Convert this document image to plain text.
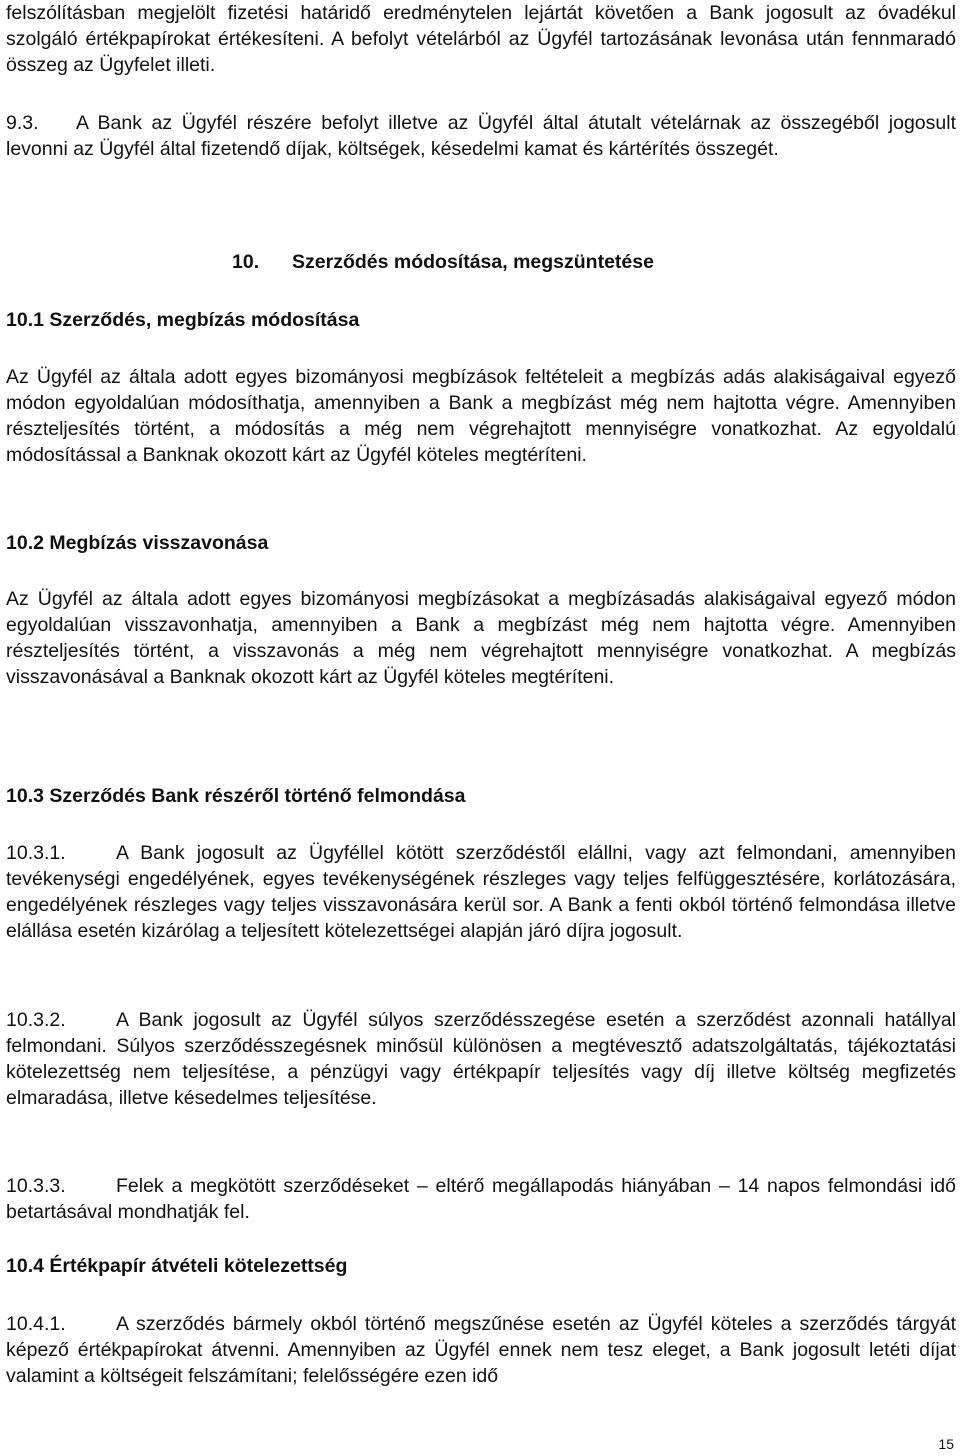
felszólításban megjelölt fizetési határidő eredménytelen lejártát követően a Bank jogosult az óvadékul szolgáló értékpapírokat értékesíteni. A befolyt vételárból az Ügyfél tartozásának levonása után fennmaradó összeg az Ügyfelet illeti.

9.3. A Bank az Ügyfél részére befolyt illetve az Ügyfél által átutalt vételárnak az összegéből jogosult levonni az Ügyfél által fizetendő díjak, költségek, késedelmi kamat és kártérítés összegét.

10. Szerződés módosítása, megszüntetése
10.1 Szerződés, megbízás módosítása

Az Ügyfél az általa adott egyes bizományosi megbízások feltételeit a megbízás adás alakiságaival egyező módon egyoldalúan módosíthatja, amennyiben a Bank a megbízást még nem hajtotta végre. Amennyiben részteljesítés történt, a módosítás a még nem végrehajtott mennyiségre vonatkozhat. Az egyoldalú módosítással a Banknak okozott kárt az Ügyfél köteles megtéríteni.

10.2 Megbízás visszavonása

Az Ügyfél az általa adott egyes bizományosi megbízásokat a megbízásadás alakiságaival egyező módon egyoldalúan visszavonhatja, amennyiben a Bank a megbízást még nem hajtotta végre. Amennyiben részteljesítés történt, a visszavonás a még nem végrehajtott mennyiségre vonatkozhat. A megbízás visszavonásával a Banknak okozott kárt az Ügyfél köteles megtéríteni.

10.3 Szerződés Bank részéről történő felmondása

10.3.1.	A Bank jogosult az Ügyféllel kötött szerződéstől elállni, vagy azt felmondani, amennyiben tevékenységi engedélyének, egyes tevékenységének részleges vagy teljes felfüggesztésére, korlátozására, engedélyének részleges vagy teljes visszavonására kerül sor. A Bank a fenti okból történő felmondása illetve elállása esetén kizárólag a teljesített kötelezettségei alapján járó díjra jogosult.

10.3.2.	A Bank jogosult az Ügyfél súlyos szerződésszegése esetén a szerződést azonnali hatállyal felmondani. Súlyos szerződésszegésnek minősül különösen a megtévesztő adatszolgáltatás, tájékoztatási kötelezettség nem teljesítése, a pénzügyi vagy értékpapír teljesítés vagy díj illetve költség megfizetés elmaradása, illetve késedelmes teljesítése.

10.3.3.	Felek a megkötött szerződéseket – eltérő megállapodás hiányában – 14 napos felmondási idő betartásával mondhatják fel.

10.4 Értékpapír átvételi kötelezettség

10.4.1.	A szerződés bármely okból történő megszűnése esetén az Ügyfél köteles a szerződés tárgyát képező értékpapírokat átvenni. Amennyiben az Ügyfél ennek nem tesz eleget, a Bank jogosult letéti díjat valamint a költségeit felszámítani; felelősségére ezen idő

15
